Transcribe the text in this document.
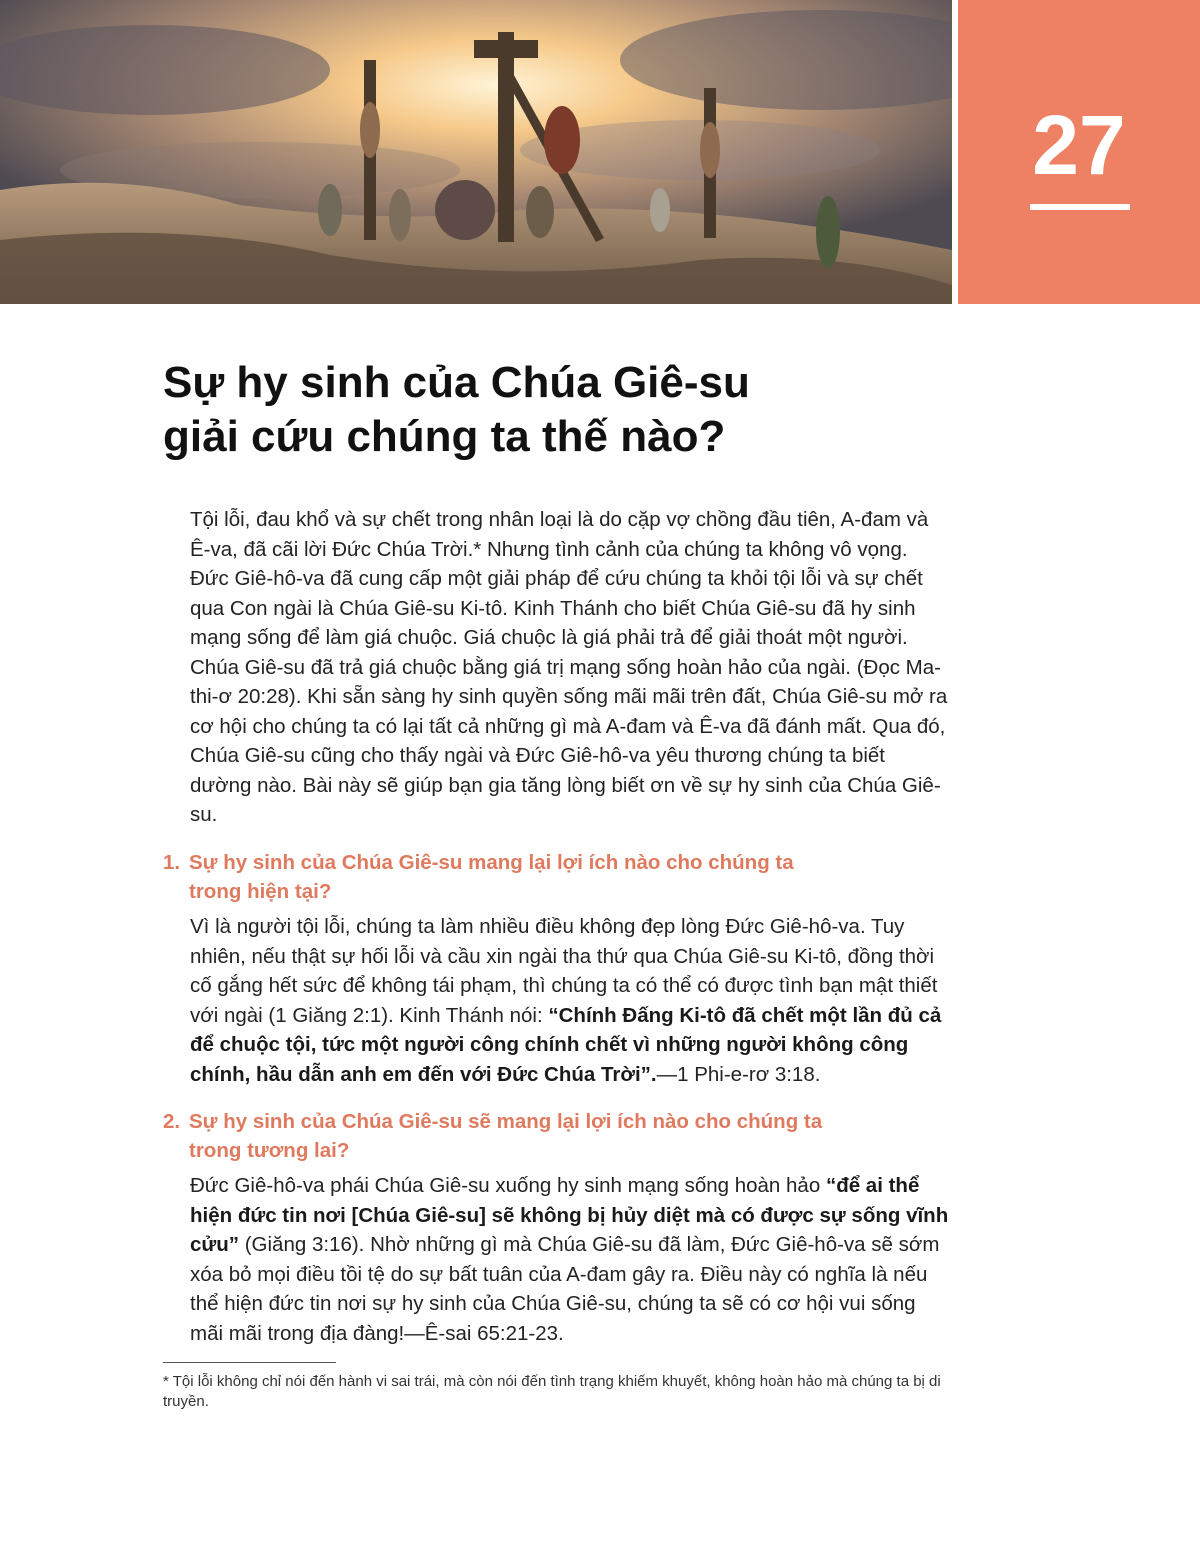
27
Sự hy sinh của Chúa Giê-su
giải cứu chúng ta thế nào?

Tội lỗi, đau khổ và sự chết trong nhân loại là do cặp vợ chồng đầu tiên, A-đam và Ê-va, đã cãi lời Đức Chúa Trời.* Nhưng tình cảnh của chúng ta không vô vọng. Đức Giê-hô-va đã cung cấp một giải pháp để cứu chúng ta khỏi tội lỗi và sự chết qua Con ngài là Chúa Giê-su Ki-tô. Kinh Thánh cho biết Chúa Giê-su đã hy sinh mạng sống để làm giá chuộc. Giá chuộc là giá phải trả để giải thoát một người. Chúa Giê-su đã trả giá chuộc bằng giá trị mạng sống hoàn hảo của ngài. (Đọc Ma-thi-ơ 20:28). Khi sẵn sàng hy sinh quyền sống mãi mãi trên đất, Chúa Giê-su mở ra cơ hội cho chúng ta có lại tất cả những gì mà A-đam và Ê-va đã đánh mất. Qua đó, Chúa Giê-su cũng cho thấy ngài và Đức Giê-hô-va yêu thương chúng ta biết dường nào. Bài này sẽ giúp bạn gia tăng lòng biết ơn về sự hy sinh của Chúa Giê-su.

1. Sự hy sinh của Chúa Giê-su mang lại lợi ích nào cho chúng ta
trong hiện tại?

Vì là người tội lỗi, chúng ta làm nhiều điều không đẹp lòng Đức Giê-hô-va. Tuy nhiên, nếu thật sự hối lỗi và cầu xin ngài tha thứ qua Chúa Giê-su Ki-tô, đồng thời cố gắng hết sức để không tái phạm, thì chúng ta có thể có được tình bạn mật thiết với ngài (1 Giăng 2:1). Kinh Thánh nói: “Chính Đấng Ki-tô đã chết một lần đủ cả để chuộc tội, tức một người công chính chết vì những người không công chính, hầu dẫn anh em đến với Đức Chúa Trời”.—1 Phi-e-rơ 3:18.

2. Sự hy sinh của Chúa Giê-su sẽ mang lại lợi ích nào cho chúng ta
trong tương lai?

Đức Giê-hô-va phái Chúa Giê-su xuống hy sinh mạng sống hoàn hảo “để ai thể hiện đức tin nơi [Chúa Giê-su] sẽ không bị hủy diệt mà có được sự sống vĩnh cửu” (Giăng 3:16). Nhờ những gì mà Chúa Giê-su đã làm, Đức Giê-hô-va sẽ sớm xóa bỏ mọi điều tồi tệ do sự bất tuân của A-đam gây ra. Điều này có nghĩa là nếu thể hiện đức tin nơi sự hy sinh của Chúa Giê-su, chúng ta sẽ có cơ hội vui sống mãi mãi trong địa đàng!—Ê-sai 65:21-23.

* Tội lỗi không chỉ nói đến hành vi sai trái, mà còn nói đến tình trạng khiếm khuyết, không hoàn hảo mà chúng ta bị di truyền.
